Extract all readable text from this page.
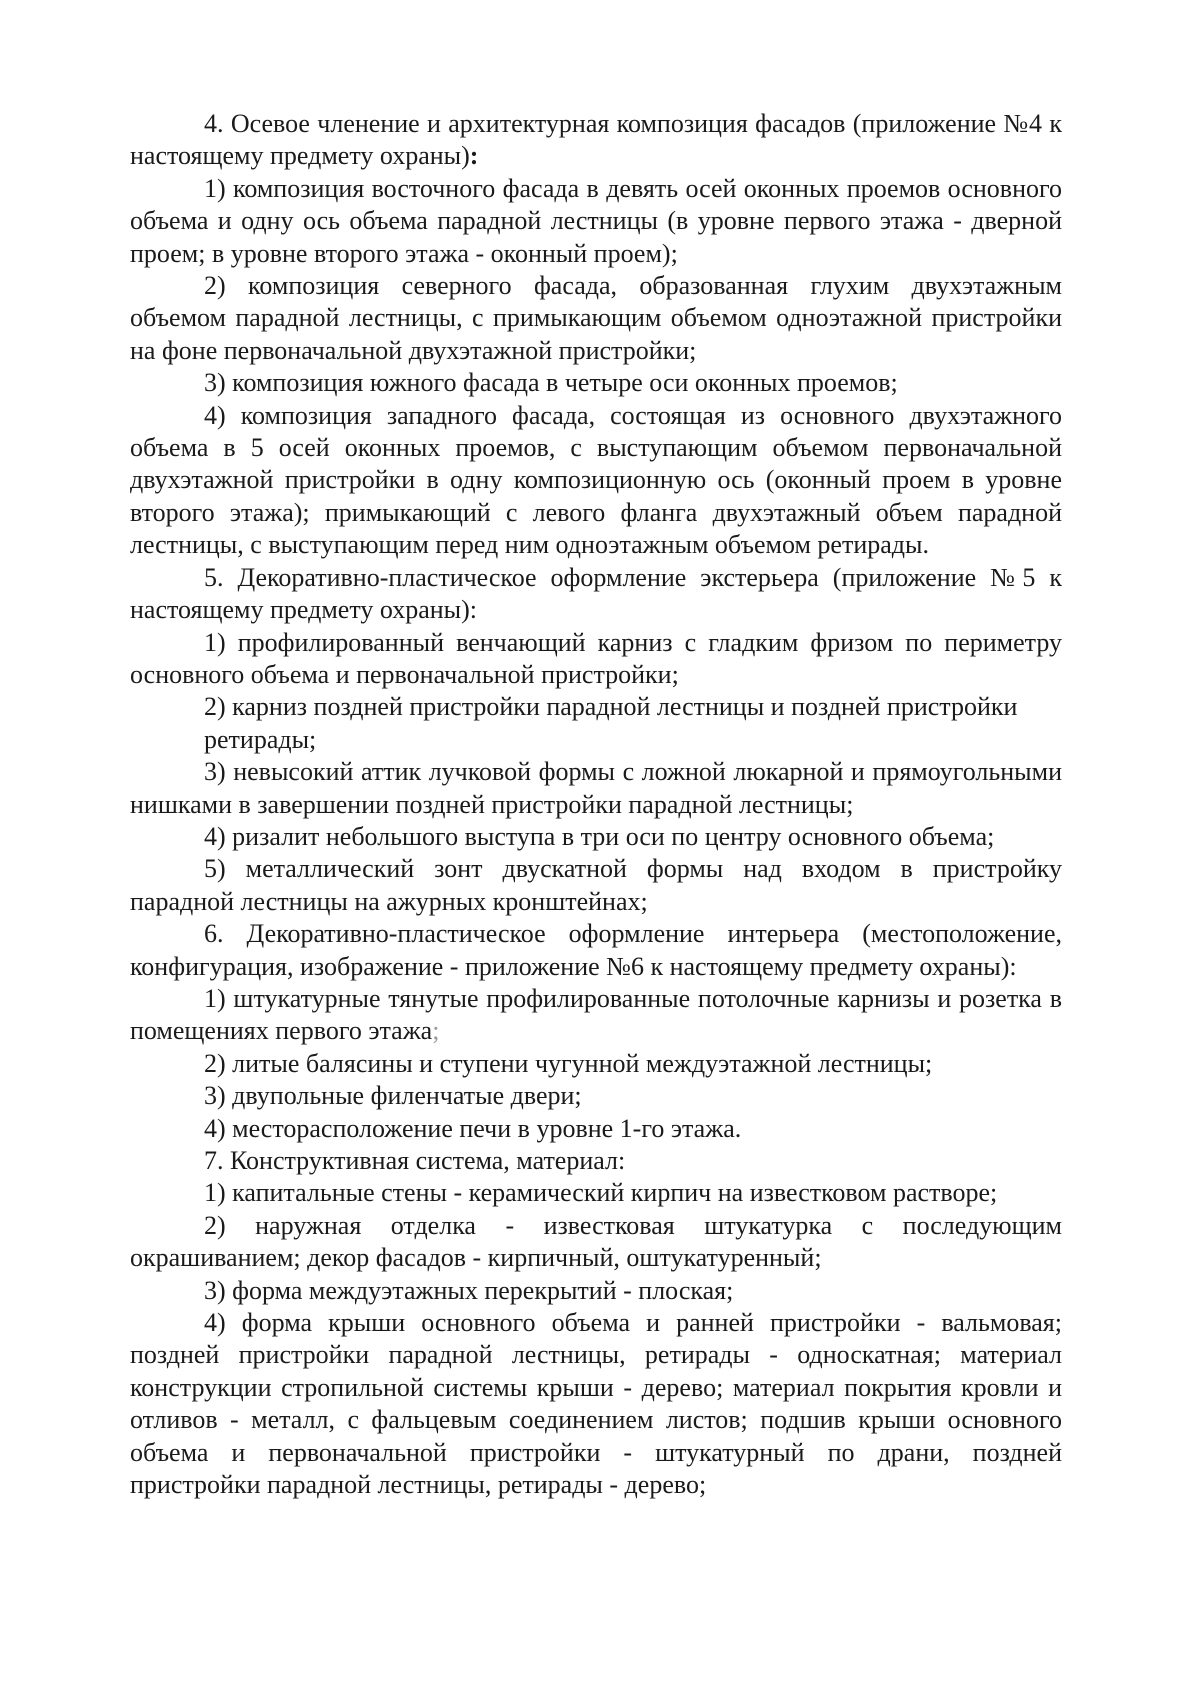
4. Осевое членение и архитектурная композиция фасадов (приложение №4 к настоящему предмету охраны):

1) композиция восточного фасада в девять осей оконных проемов основного объема и одну ось объема парадной лестницы (в уровне первого этажа - дверной проем; в уровне второго этажа - оконный проем);

2) композиция северного фасада, образованная глухим двухэтажным объемом парадной лестницы, с примыкающим объемом одноэтажной пристройки на фоне первоначальной двухэтажной пристройки;

3) композиция южного фасада в четыре оси оконных проемов;

4) композиция западного фасада, состоящая из основного двухэтажного объема в 5 осей оконных проемов, с выступающим объемом первоначальной двухэтажной пристройки в одну композиционную ось (оконный проем в уровне второго этажа); примыкающий с левого фланга двухэтажный объем парадной лестницы, с выступающим перед ним одноэтажным объемом ретирады.

5. Декоративно-пластическое оформление экстерьера (приложение №5 к настоящему предмету охраны):

1) профилированный венчающий карниз с гладким фризом по периметру основного объема и первоначальной пристройки;

2) карниз поздней пристройки парадной лестницы и поздней пристройки ретирады;

3) невысокий аттик лучковой формы с ложной люкарной и прямоугольными нишками в завершении поздней пристройки парадной лестницы;

4) ризалит небольшого выступа в три оси по центру основного объема;

5) металлический зонт двускатной формы над входом в пристройку парадной лестницы на ажурных кронштейнах;

6. Декоративно-пластическое оформление интерьера (местоположение, конфигурация, изображение - приложение №6 к настоящему предмету охраны):

1) штукатурные тянутые профилированные потолочные карнизы и розетка в помещениях первого этажа;

2) литые балясины и ступени чугунной междуэтажной лестницы;

3) двупольные филенчатые двери;

4) месторасположение печи в уровне 1-го этажа.

7. Конструктивная система, материал:

1) капитальные стены - керамический кирпич на известковом растворе;

2) наружная отделка - известковая штукатурка с последующим окрашиванием; декор фасадов - кирпичный, оштукатуренный;

3) форма междуэтажных перекрытий - плоская;

4) форма крыши основного объема и ранней пристройки - вальмовая; поздней пристройки парадной лестницы, ретирады - односкатная; материал конструкции стропильной системы крыши - дерево; материал покрытия кровли и отливов - металл, с фальцевым соединением листов; подшив крыши основного объема и первоначальной пристройки - штукатурный по драни, поздней пристройки парадной лестницы, ретирады - дерево;
